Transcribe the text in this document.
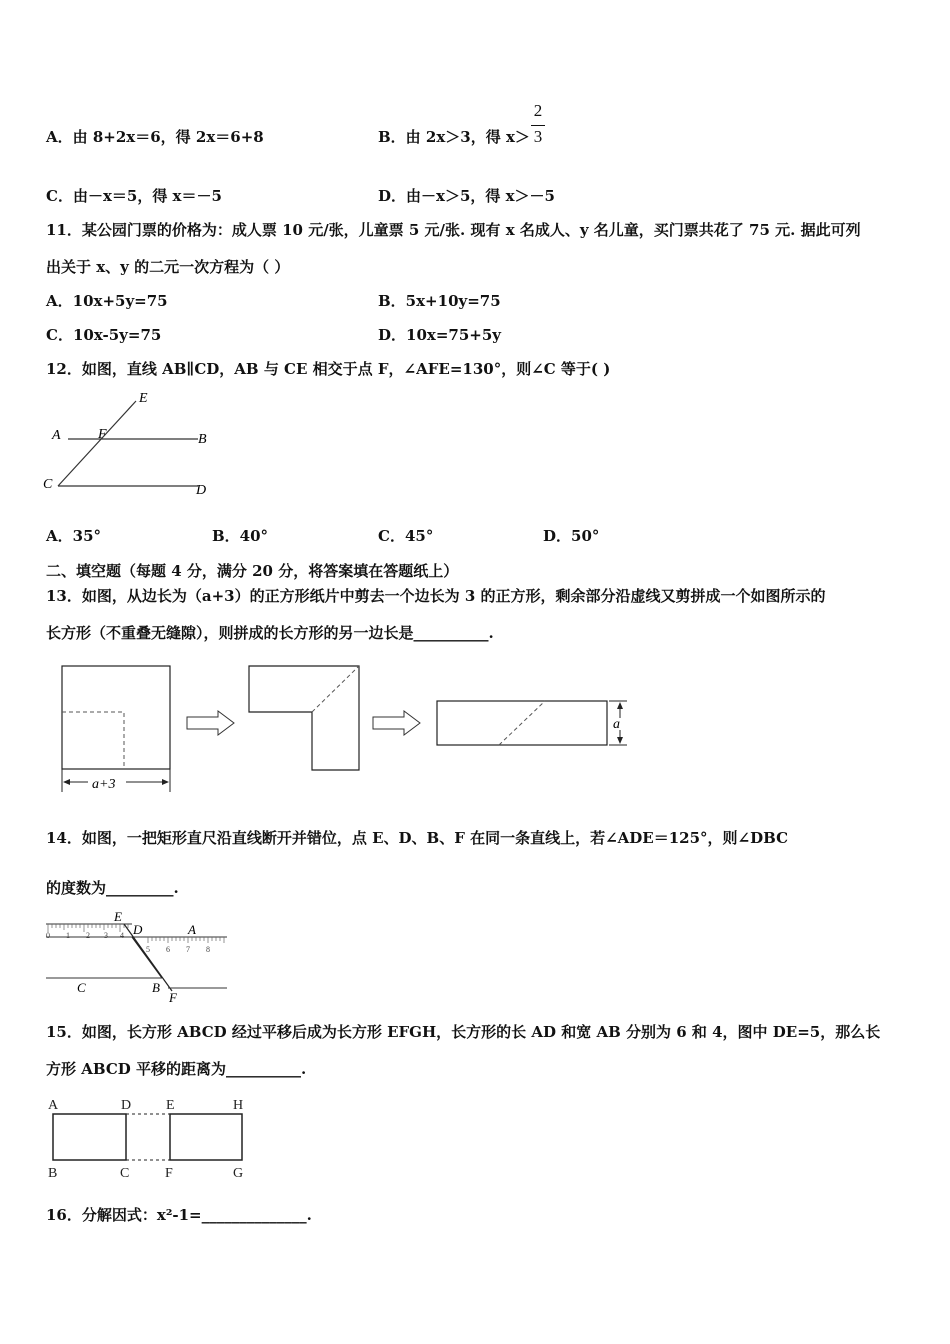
A．由 8+2x＝6，得 2x＝6+8	B．由 2x＞3，得 x＞
2
3
C．由－x＝5，得 x＝－5	D．由－x＞5，得 x＞－5
11．某公园门票的价格为：成人票 10 元/张，儿童票 5 元/张. 现有 x 名成人、y 名儿童，买门票共花了 75 元. 据此可列
出关于 x、y 的二元一次方程为（ ）
A．10x+5y=75	B．5x+10y=75
C．10x-5y=75	D．10x=75+5y
12．如图，直线 AB∥CD，AB 与 CE 相交于点 F，∠AFE=130°，则∠C 等于( )
E
A	F	B
C	D
A．35°	B．40°	C．45°	D．50°
二、填空题（每题 4 分，满分 20 分，将答案填在答题纸上）
13．如图，从边长为（a+3）的正方形纸片中剪去一个边长为 3 的正方形，剩余部分沿虚线又剪拼成一个如图所示的
长方形（不重叠无缝隙），则拼成的长方形的另一边长是__________.
a+3
a
14．如图，一把矩形直尺沿直线断开并错位，点 E、D、B、F 在同一条直线上，若∠ADE＝125°，则∠DBC
的度数为_________.
0 1 2 3 4
5 6 7 8
E
D	A
C	B
F
15．如图，长方形 ABCD 经过平移后成为长方形 EFGH，长方形的长 AD 和宽 AB 分别为 6 和 4，图中 DE=5，那么长
方形 ABCD 平移的距离为__________.
A	D E	H
B	C	F	G
16．分解因式：x²-1=______________.
